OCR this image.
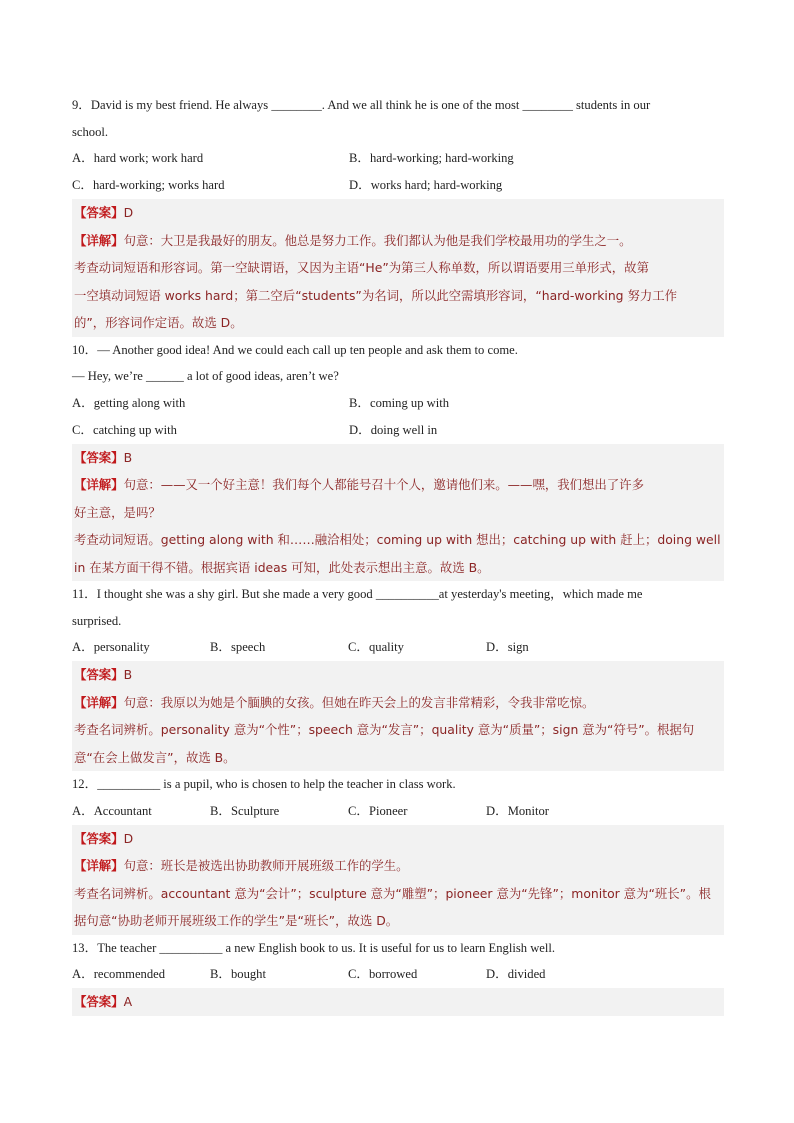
9．David is my best friend. He always ________. And we all think he is one of the most ________ students in our
school.
A．hard work; work hard	B．hard-working; hard-working
C．hard-working; works hard	D．works hard; hard-working
【答案】D
【详解】句意：大卫是我最好的朋友。他总是努力工作。我们都认为他是我们学校最用功的学生之一。
考查动词短语和形容词。第一空缺谓语，又因为主语“He”为第三人称单数，所以谓语要用三单形式，故第
一空填动词短语 works hard；第二空后“students”为名词，所以此空需填形容词，“hard-working 努力工作
的”，形容词作定语。故选 D。
10．— Another good idea! And we could each call up ten people and ask them to come.
— Hey, we’re ______ a lot of good ideas, aren’t we?
A．getting along with	B．coming up with
C．catching up with	D．doing well in
【答案】B
【详解】句意：——又一个好主意！我们每个人都能号召十个人，邀请他们来。——嘿，我们想出了许多
好主意，是吗？
考查动词短语。getting along with 和……融洽相处；coming up with 想出；catching up with 赶上；doing well
in 在某方面干得不错。根据宾语 ideas 可知，此处表示想出主意。故选 B。
11．I thought she was a shy girl. But she made a very good __________at yesterday's meeting，which made me
surprised.
A．personality	B．speech	C．quality	D．sign
【答案】B
【详解】句意：我原以为她是个腼腆的女孩。但她在昨天会上的发言非常精彩，令我非常吃惊。
考查名词辨析。personality 意为“个性”；speech 意为“发言”；quality 意为“质量”；sign 意为“符号”。根据句
意“在会上做发言”，故选 B。
12．__________ is a pupil, who is chosen to help the teacher in class work.
A．Accountant	B．Sculpture	C．Pioneer	D．Monitor
【答案】D
【详解】句意：班长是被选出协助教师开展班级工作的学生。
考查名词辨析。accountant 意为“会计”；sculpture 意为“雕塑”；pioneer 意为“先锋”；monitor 意为“班长”。根
据句意“协助老师开展班级工作的学生”是“班长”，故选 D。
13．The teacher __________ a new English book to us. It is useful for us to learn English well.
A．recommended	B．bought	C．borrowed	D．divided
【答案】A
